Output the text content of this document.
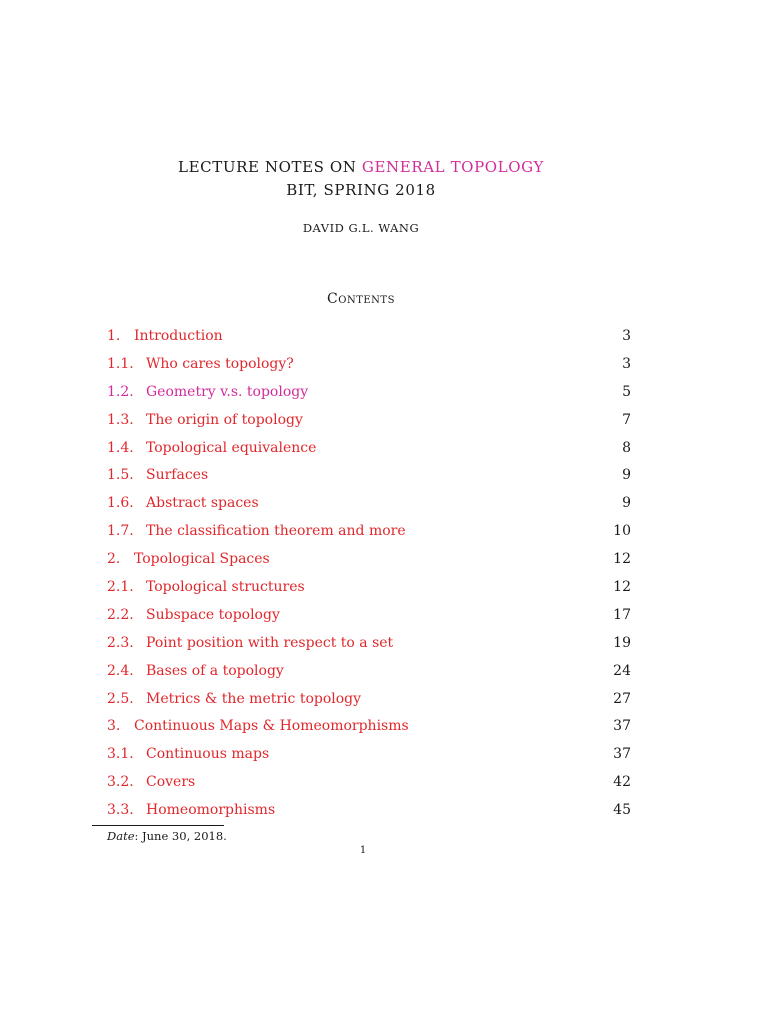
LECTURE NOTES ON GENERAL TOPOLOGY
BIT, SPRING 2018
DAVID G.L. WANG
Contents
1. Introduction	3
1.1. Who cares topology?	3
1.2. Geometry v.s. topology	5
1.3. The origin of topology	7
1.4. Topological equivalence	8
1.5. Surfaces	9
1.6. Abstract spaces	9
1.7. The classification theorem and more	10
2. Topological Spaces	12
2.1. Topological structures	12
2.2. Subspace topology	17
2.3. Point position with respect to a set	19
2.4. Bases of a topology	24
2.5. Metrics & the metric topology	27
3. Continuous Maps & Homeomorphisms	37
3.1. Continuous maps	37
3.2. Covers	42
3.3. Homeomorphisms	45
Date: June 30, 2018.
1
